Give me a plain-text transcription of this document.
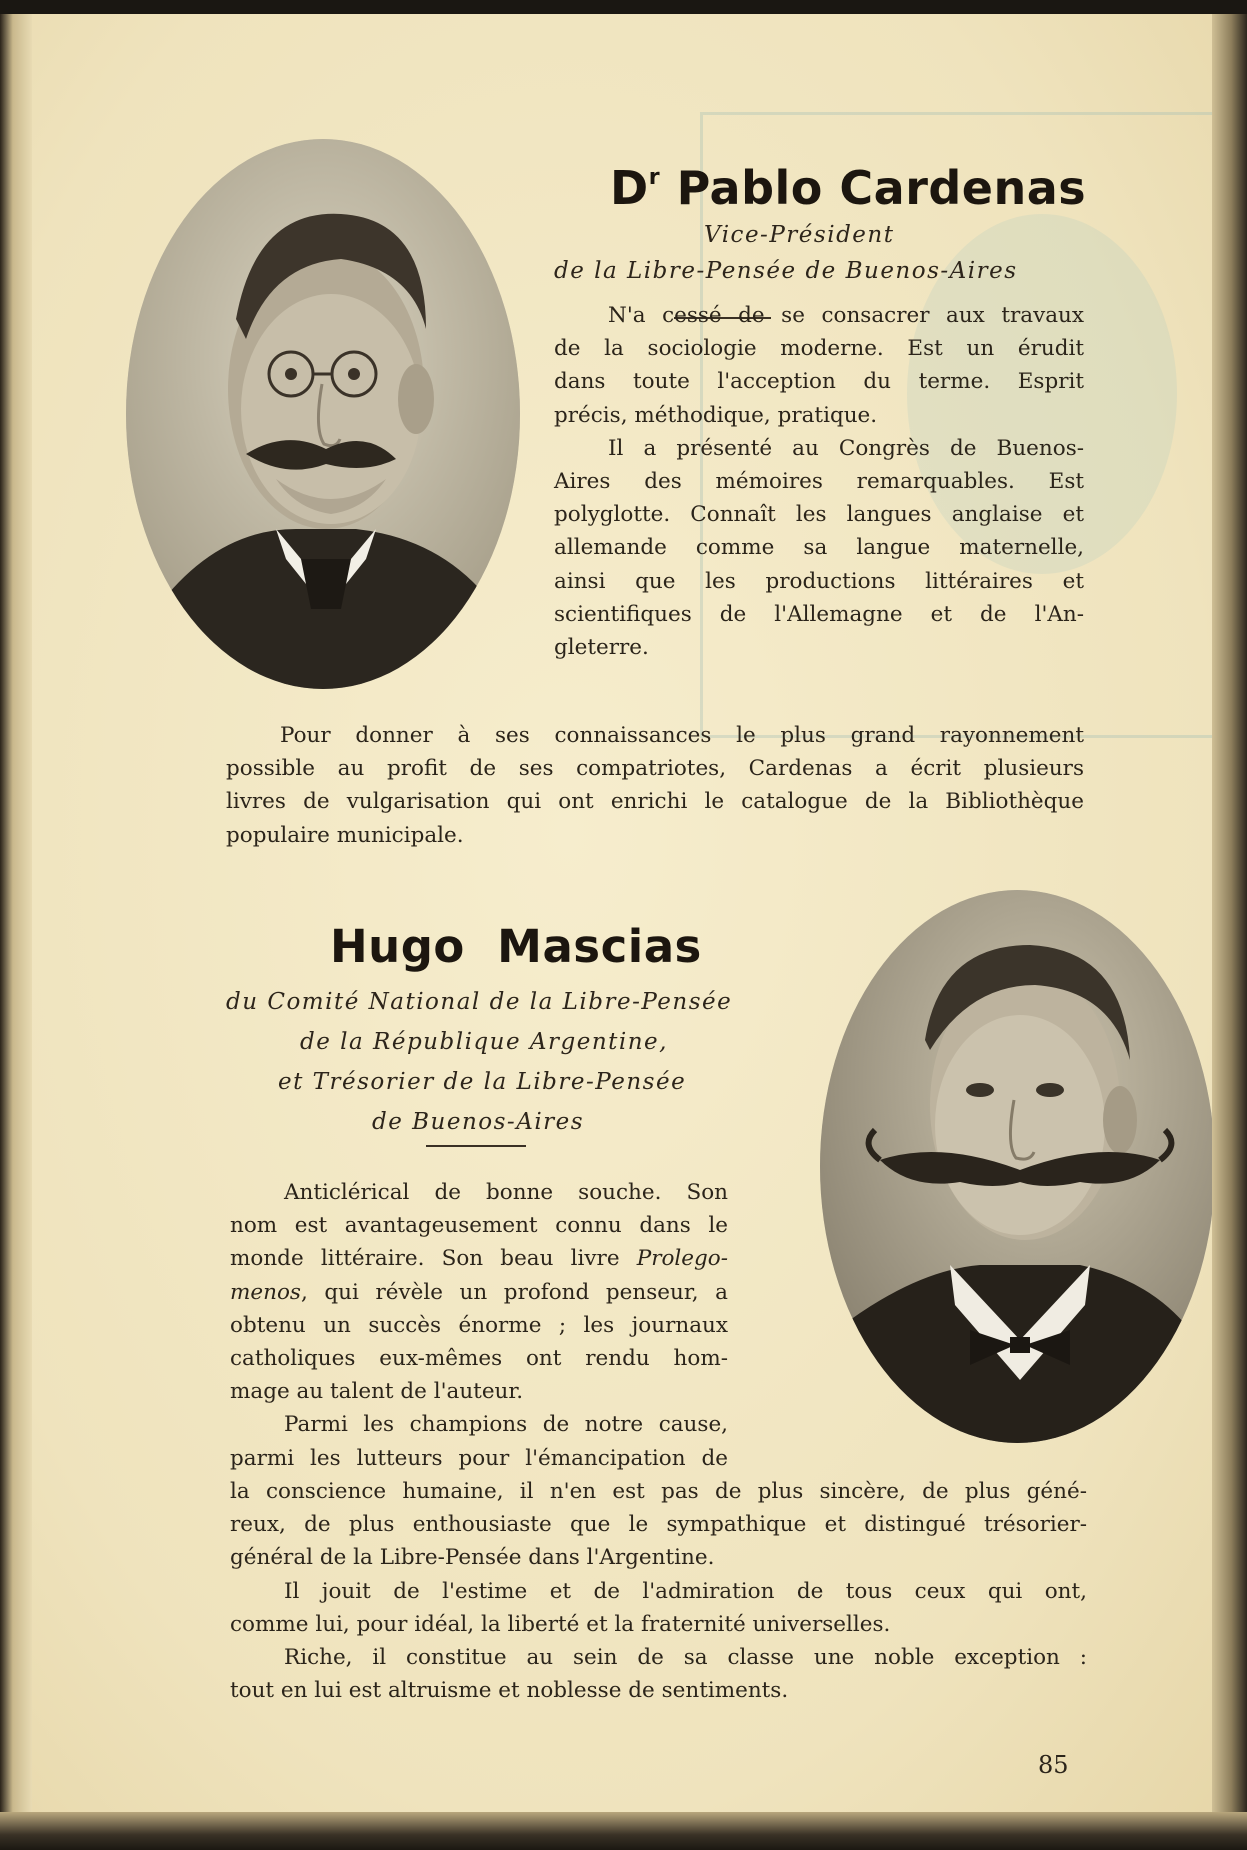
$D^r$ Pablo Cardenas
Vice-Président
de la Libre-Pensée de Buenos-Aires
N'a cessé de se consacrer aux travaux
de la sociologie moderne. Est un érudit
dans toute l'acception du terme. Esprit
précis, méthodique, pratique.
Il a présenté au Congrès de Buenos-
Aires des mémoires remarquables. Est
polyglotte. Connaît les langues anglaise et
allemande comme sa langue maternelle,
ainsi que les productions littéraires et
scientifiques de l'Allemagne et de l'An-
gleterre.
Pour donner à ses connaissances le plus grand rayonnement
possible au profit de ses compatriotes, Cardenas a écrit plusieurs
livres de vulgarisation qui ont enrichi le catalogue de la Bibliothèque
populaire municipale.
Hugo  Mascias
du Comité National de la Libre-Pensée
de la République Argentine,
et Trésorier de la Libre-Pensée
de Buenos-Aires
Anticlérical de bonne souche. Son
nom est avantageusement connu dans le
monde littéraire. Son beau livre Prolego-
menos, qui révèle un profond penseur, a
obtenu un succès énorme ; les journaux
catholiques eux-mêmes ont rendu hom-
mage au talent de l'auteur.
Parmi les champions de notre cause,
parmi les lutteurs pour l'émancipation de
la conscience humaine, il n'en est pas de plus sincère, de plus géné-
reux, de plus enthousiaste que le sympathique et distingué trésorier-
général de la Libre-Pensée dans l'Argentine.
Il jouit de l'estime et de l'admiration de tous ceux qui ont,
comme lui, pour idéal, la liberté et la fraternité universelles.
Riche, il constitue au sein de sa classe une noble exception :
tout en lui est altruisme et noblesse de sentiments.
85
